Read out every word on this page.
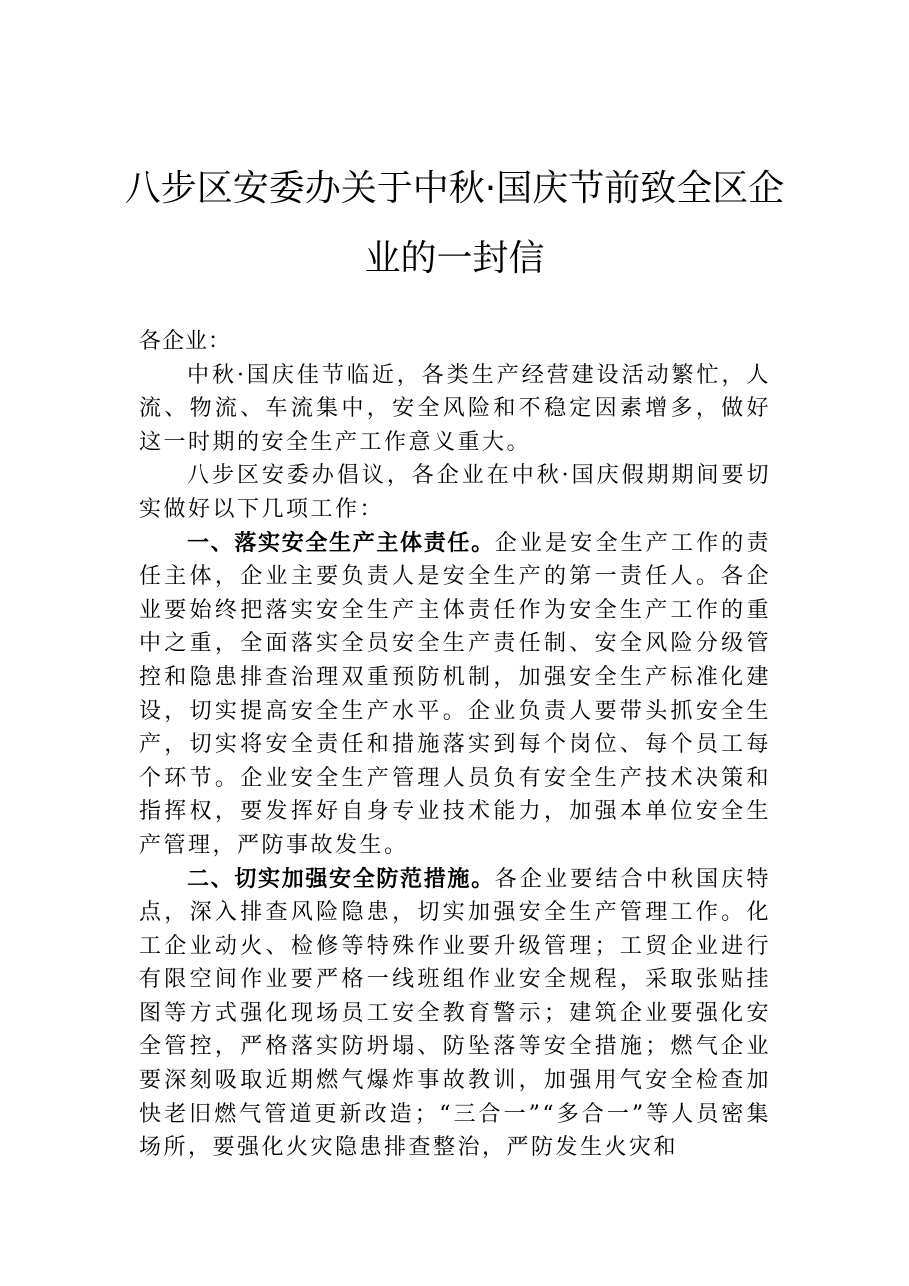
八步区安委办关于中秋·国庆节前致全区企
业的一封信

各企业：

中秋·国庆佳节临近，各类生产经营建设活动繁忙，人流、物流、车流集中，安全风险和不稳定因素增多，做好这一时期的安全生产工作意义重大。

八步区安委办倡议，各企业在中秋·国庆假期期间要切实做好以下几项工作：

一、落实安全生产主体责任。企业是安全生产工作的责任主体，企业主要负责人是安全生产的第一责任人。各企业要始终把落实安全生产主体责任作为安全生产工作的重中之重，全面落实全员安全生产责任制、安全风险分级管控和隐患排查治理双重预防机制，加强安全生产标准化建设，切实提高安全生产水平。企业负责人要带头抓安全生产，切实将安全责任和措施落实到每个岗位、每个员工每个环节。企业安全生产管理人员负有安全生产技术决策和指挥权，要发挥好自身专业技术能力，加强本单位安全生产管理，严防事故发生。

二、切实加强安全防范措施。各企业要结合中秋国庆特点，深入排查风险隐患，切实加强安全生产管理工作。化工企业动火、检修等特殊作业要升级管理；工贸企业进行有限空间作业要严格一线班组作业安全规程，采取张贴挂图等方式强化现场员工安全教育警示；建筑企业要强化安全管控，严格落实防坍塌、防坠落等安全措施；燃气企业要深刻吸取近期燃气爆炸事故教训，加强用气安全检查加快老旧燃气管道更新改造；“三合一”“多合一”等人员密集场所，要强化火灾隐患排查整治，严防发生火灾和
